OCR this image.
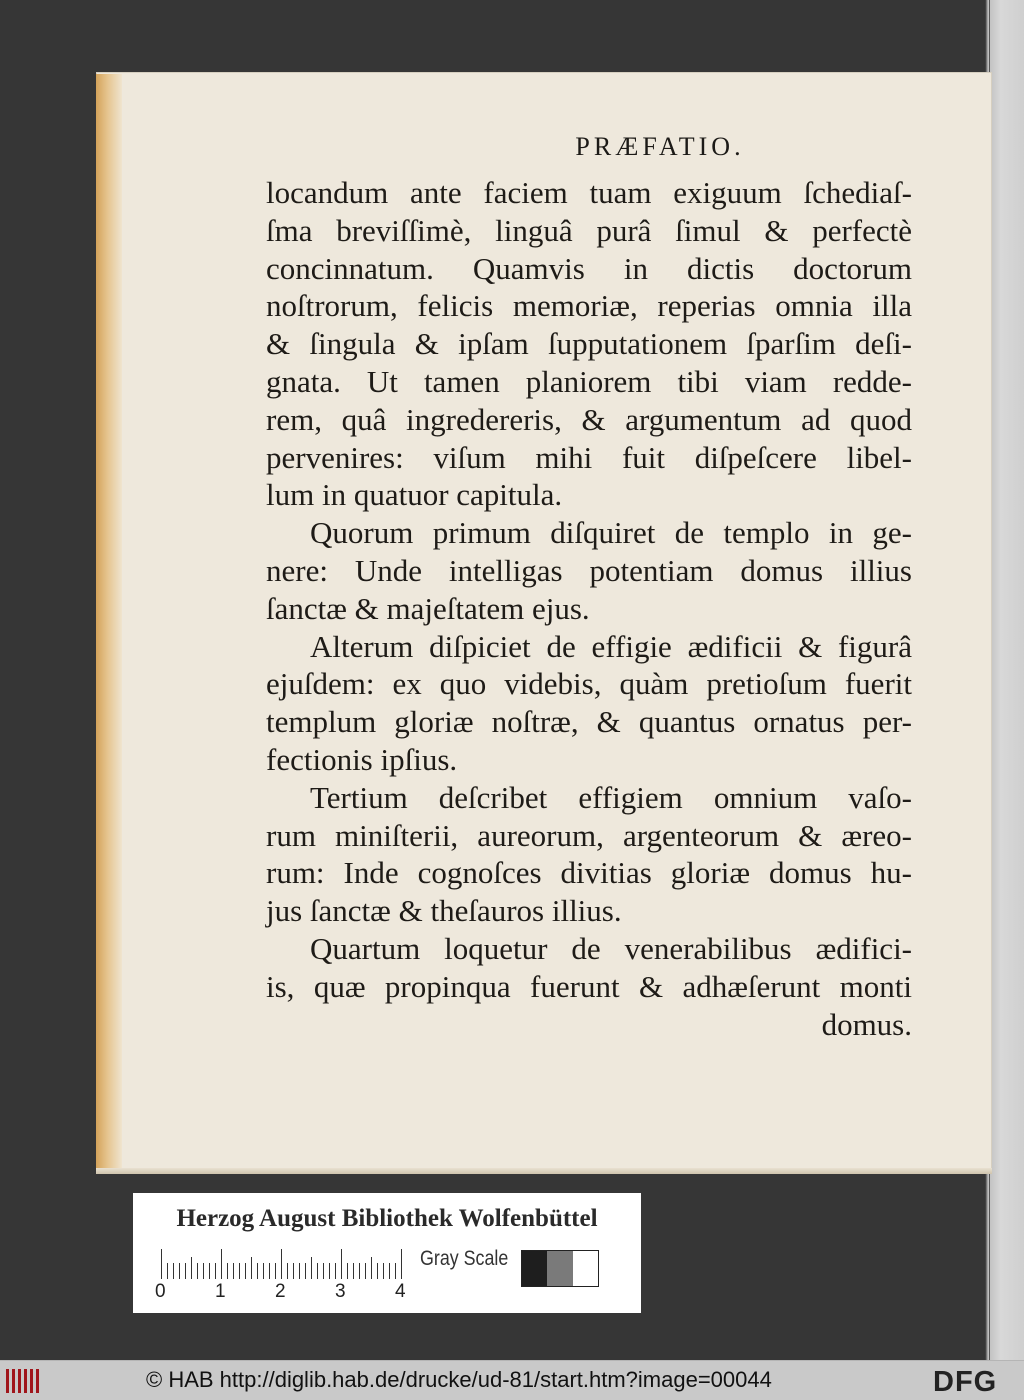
PRÆFATIO.
locandum ante faciem tuam exiguum ſchediaſ-
ſma breviſſimè, linguâ purâ ſimul & perfectè
concinnatum. Quamvis in dictis doctorum
noſtrorum, felicis memoriæ, reperias omnia illa
& ſingula & ipſam ſupputationem ſparſim deſi-
gnata. Ut tamen planiorem tibi viam redde-
rem, quâ ingredereris, & argumentum ad quod
pervenires: viſum mihi fuit diſpeſcere libel-
lum in quatuor capitula.
Quorum primum diſquiret de templo in ge-
nere: Unde intelligas potentiam domus illius
ſanctæ & majeſtatem ejus.
Alterum diſpiciet de effigie ædificii & figurâ
ejuſdem: ex quo videbis, quàm pretioſum fuerit
templum gloriæ noſtræ, & quantus ornatus per-
fectionis ipſius.
Tertium deſcribet effigiem omnium vaſo-
rum miniſterii, aureorum, argenteorum & æreo-
rum: Inde cognoſces divitias gloriæ domus hu-
jus ſanctæ & theſauros illius.
Quartum loquetur de venerabilibus ædifici-
is, quæ propinqua fuerunt & adhæſerunt monti
domus.
Herzog August Bibliothek Wolfenbüttel
0	1	2	3	4
Gray Scale
© HAB http://diglib.hab.de/drucke/ud-81/start.htm?image=00044	DFG
